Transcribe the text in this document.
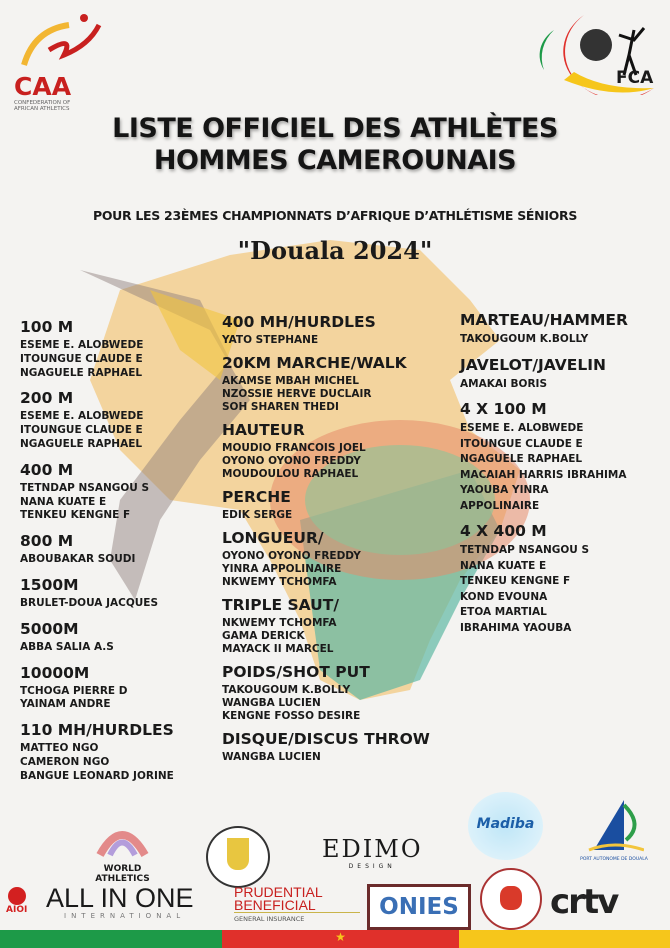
CAA
CONFEDERATION OF
AFRICAN ATHLETICS
FCA
LISTE OFFICIEL DES ATHLÈTES
HOMMES CAMEROUNAIS
POUR LES 23ÈMES CHAMPIONNATS D’AFRIQUE D’ATHLÉTISME SÉNIORS
"Douala 2024"
100 M
ESEME E. ALOBWEDE
ITOUNGUE CLAUDE E
NGAGUELE RAPHAEL
200 M
ESEME E. ALOBWEDE
ITOUNGUE CLAUDE E
NGAGUELE RAPHAEL
400 M
TETNDAP NSANGOU S
NANA KUATE E
TENKEU KENGNE F
800 M
ABOUBAKAR SOUDI
1500M
BRULET-DOUA JACQUES
5000M
ABBA SALIA A.S
10000M
TCHOGA PIERRE D
YAINAM ANDRE
110 MH/HURDLES
MATTEO NGO
CAMERON NGO
BANGUE LEONARD JORINE
400 MH/HURDLES
YATO STEPHANE
20KM MARCHE/WALK
AKAMSE MBAH MICHEL
NZOSSIE HERVE DUCLAIR
SOH SHAREN THEDI
HAUTEUR
MOUDIO FRANCOIS JOEL
OYONO OYONO FREDDY
MOUDOULOU RAPHAEL
PERCHE
EDIK SERGE
LONGUEUR/
OYONO OYONO FREDDY
YINRA APPOLINAIRE
NKWEMY TCHOMFA
TRIPLE SAUT/
NKWEMY TCHOMFA
GAMA DERICK
MAYACK II MARCEL
POIDS/SHOT PUT
TAKOUGOUM K.BOLLY
WANGBA LUCIEN
KENGNE FOSSO DESIRE
DISQUE/DISCUS THROW
WANGBA LUCIEN
MARTEAU/HAMMER
TAKOUGOUM K.BOLLY
JAVELOT/JAVELIN
AMAKAI BORIS
4 X 100 M
ESEME E. ALOBWEDE
ITOUNGUE CLAUDE E
NGAGUELE RAPHAEL
MACAIAH HARRIS IBRAHIMA
YAOUBA YINRA
APPOLINAIRE
4 X 400 M
TETNDAP NSANGOU S
NANA KUATE E
TENKEU KENGNE F
KOND EVOUNA
ETOA MARTIAL
IBRAHIMA YAOUBA
WORLD ATHLETICS
EDIMO
DESIGN
Madiba
PORT AUTONOME DE DOUALA
AIOI ALL IN ONE
INTERNATIONAL
PRUDENTIAL
BENEFICIAL
GENERAL INSURANCE	ONIES	crtv
★
